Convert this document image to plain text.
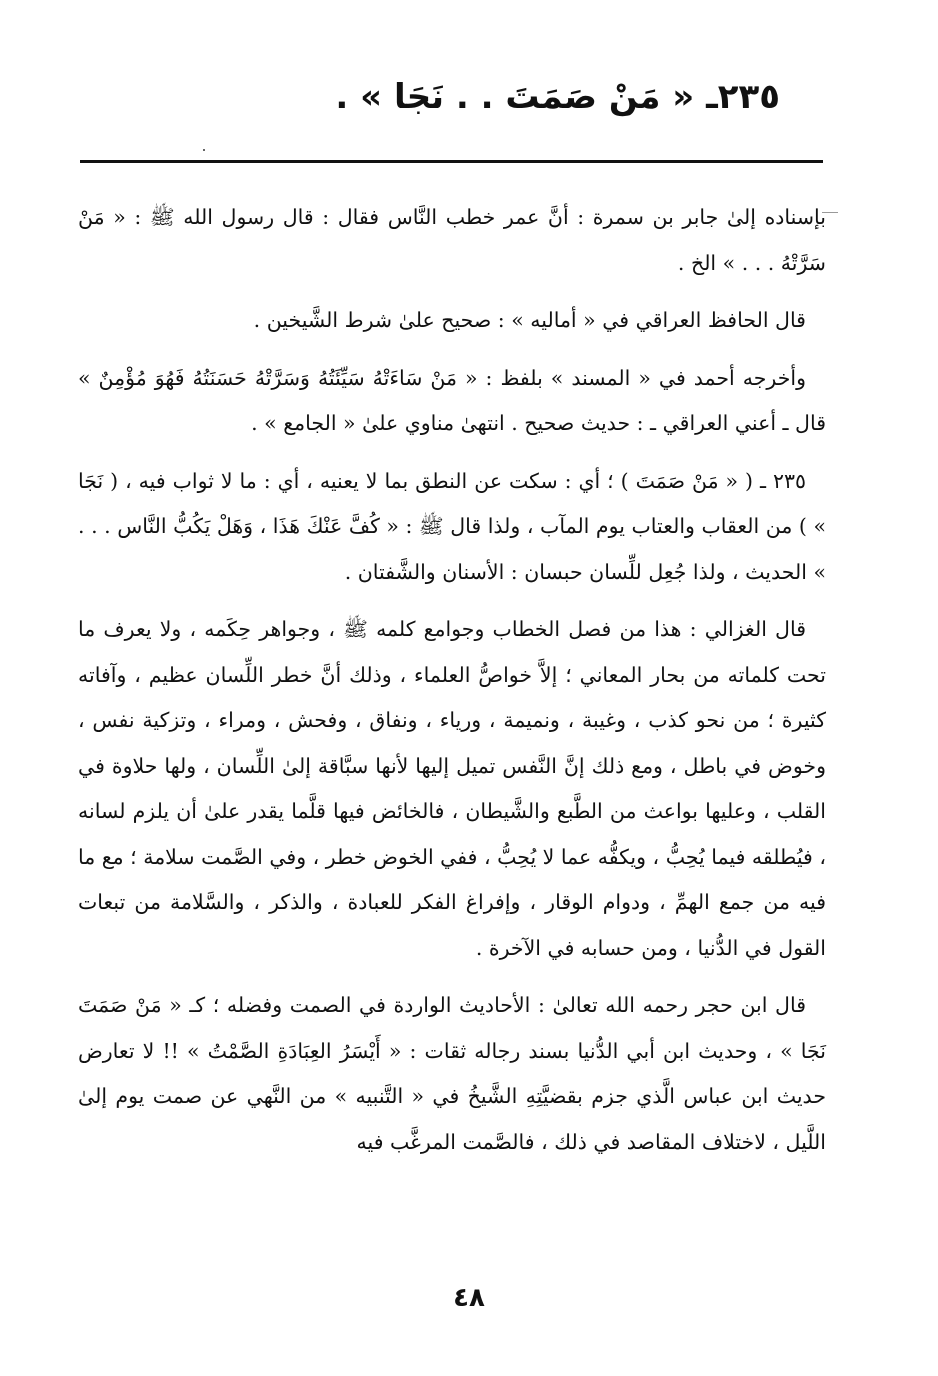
٢٣٥ـ « مَنْ صَمَتَ . . نَجَا » .

بإسناده إلىٰ جابر بن سمرة : أنَّ عمر خطب النَّاس فقال : قال رسول الله ﷺ : « مَنْ سَرَّتْهُ . . . » الخ .

قال الحافظ العراقي في « أماليه » : صحيح علىٰ شرط الشَّيخين .

وأخرجه أحمد في « المسند » بلفظ : « مَنْ سَاءَتْهُ سَيِّئَتُهُ وَسَرَّتْهُ حَسَنَتُهُ فَهُوَ مُؤْمِنٌ » قال ـ أعني العراقي ـ : حديث صحيح . انتهىٰ مناوي علىٰ « الجامع » .

٢٣٥ ـ ( « مَنْ صَمَتَ ) ؛ أي : سكت عن النطق بما لا يعنيه ، أي : ما لا ثواب فيه ، ( نَجَا » ) من العقاب والعتاب يوم المآب ، ولذا قال ﷺ : « كُفَّ عَنْكَ هَذَا ، وَهَلْ يَكُبُّ النَّاس . . . » الحديث ، ولذا جُعِل للِّسان حبسان : الأسنان والشَّفتان .

قال الغزالي : هذا من فصل الخطاب وجوامع كلمه ﷺ ، وجواهر حِكَمه ، ولا يعرف ما تحت كلماته من بحار المعاني ؛ إلاَّ خواصُّ العلماء ، وذلك أنَّ خطر اللِّسان عظيم ، وآفاته كثيرة ؛ من نحو كذب ، وغيبة ، ونميمة ، ورياء ، ونفاق ، وفحش ، ومراء ، وتزكية نفس ، وخوض في باطل ، ومع ذلك إنَّ النَّفس تميل إليها لأنها سبَّاقة إلىٰ اللِّسان ، ولها حلاوة في القلب ، وعليها بواعث من الطَّبع والشَّيطان ، فالخائض فيها قلَّما يقدر علىٰ أن يلزم لسانه ، فيُطلقه فيما يُحِبُّ ، ويكفُّه عما لا يُحِبُّ ، ففي الخوض خطر ، وفي الصَّمت سلامة ؛ مع ما فيه من جمع الهمِّ ، ودوام الوقار ، وإفراغ الفكر للعبادة ، والذكر ، والسَّلامة من تبعات القول في الدُّنيا ، ومن حسابه في الآخرة .

قال ابن حجر رحمه الله تعالىٰ : الأحاديث الواردة في الصمت وفضله ؛ كـ « مَنْ صَمَتَ نَجَا » ، وحديث ابن أبي الدُّنيا بسند رجاله ثقات : « أَيْسَرُ العِبَادَةِ الصَّمْتُ » !! لا تعارض حديث ابن عباس الَّذي جزم بقضيَّتِهِ الشَّيخُ في « التَّنبيه » من النَّهي عن صمت يوم إلىٰ اللَّيل ، لاختلاف المقاصد في ذلك ، فالصَّمت المرغَّب فيه

٤٨
